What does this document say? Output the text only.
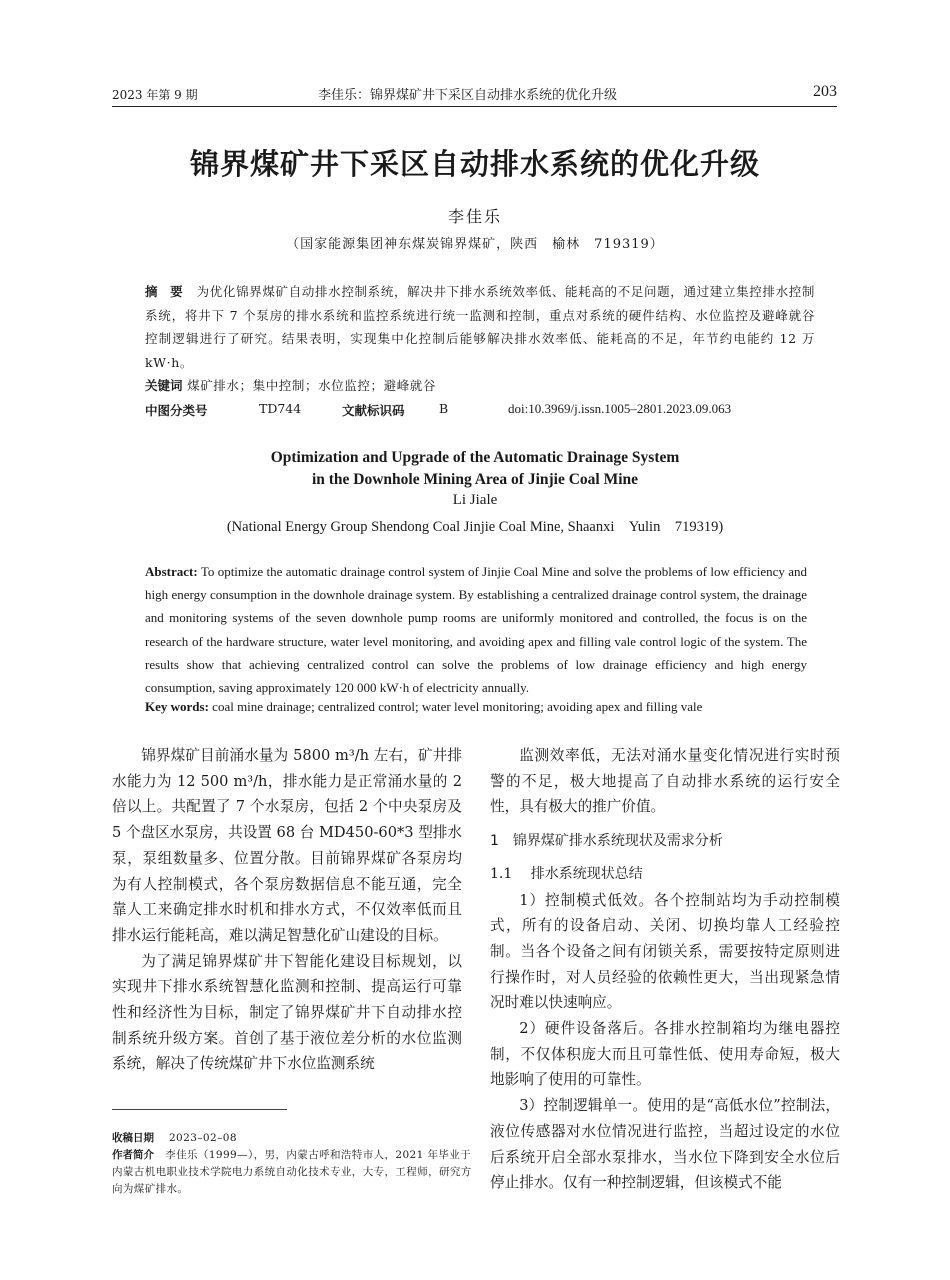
2023 年第 9 期	李佳乐：锦界煤矿井下采区自动排水系统的优化升级	203
锦界煤矿井下采区自动排水系统的优化升级
李佳乐
（国家能源集团神东煤炭锦界煤矿，陕西　榆林　719319）
摘　要 为优化锦界煤矿自动排水控制系统，解决井下排水系统效率低、能耗高的不足问题，通过建立集控排水控制系统，将井下 7 个泵房的排水系统和监控系统进行统一监测和控制，重点对系统的硬件结构、水位监控及避峰就谷控制逻辑进行了研究。结果表明，实现集中化控制后能够解决排水效率低、能耗高的不足，年节约电能约 12 万 kW·h。
关键词 煤矿排水；集中控制；水位监控；避峰就谷
中图分类号	TD744	文献标识码	B	doi:10.3969/j.issn.1005–2801.2023.09.063
Optimization and Upgrade of the Automatic Drainage System
in the Downhole Mining Area of Jinjie Coal Mine
Li Jiale
(National Energy Group Shendong Coal Jinjie Coal Mine, Shaanxi　Yulin　719319)
Abstract: To optimize the automatic drainage control system of Jinjie Coal Mine and solve the problems of low efficiency and high energy consumption in the downhole drainage system. By establishing a centralized drainage control system, the drainage and monitoring systems of the seven downhole pump rooms are uniformly monitored and controlled, the focus is on the research of the hardware structure, water level monitoring, and avoiding apex and filling vale control logic of the system. The results show that achieving centralized control can solve the problems of low drainage efficiency and high energy consumption, saving approximately 120 000 kW·h of electricity annually.
Key words: coal mine drainage; centralized control; water level monitoring; avoiding apex and filling vale

锦界煤矿目前涌水量为 5800 m³/h 左右，矿井排水能力为 12 500 m³/h，排水能力是正常涌水量的 2 倍以上。共配置了 7 个水泵房，包括 2 个中央泵房及 5 个盘区水泵房，共设置 68 台 MD450-60*3 型排水泵，泵组数量多、位置分散。目前锦界煤矿各泵房均为有人控制模式，各个泵房数据信息不能互通，完全靠人工来确定排水时机和排水方式，不仅效率低而且排水运行能耗高，难以满足智慧化矿山建设的目标。

为了满足锦界煤矿井下智能化建设目标规划，以实现井下排水系统智慧化监测和控制、提高运行可靠性和经济性为目标，制定了锦界煤矿井下自动排水控制系统升级方案。首创了基于液位差分析的水位监测系统，解决了传统煤矿井下水位监测系统

监测效率低，无法对涌水量变化情况进行实时预警的不足，极大地提高了自动排水系统的运行安全性，具有极大的推广价值。

1　锦界煤矿排水系统现状及需求分析
1.1　 排水系统现状总结

1）控制模式低效。各个控制站均为手动控制模式，所有的设备启动、关闭、切换均靠人工经验控制。当各个设备之间有闭锁关系，需要按特定原则进行操作时，对人员经验的依赖性更大，当出现紧急情况时难以快速响应。

2）硬件设备落后。各排水控制箱均为继电器控制，不仅体积庞大而且可靠性低、使用寿命短，极大地影响了使用的可靠性。

3）控制逻辑单一。使用的是“高低水位”控制法，液位传感器对水位情况进行监控，当超过设定的水位后系统开启全部水泵排水，当水位下降到安全水位后停止排水。仅有一种控制逻辑，但该模式不能

收稿日期 2023–02–08
作者简介 李佳乐（1999—），男，内蒙古呼和浩特市人，2021 年毕业于内蒙古机电职业技术学院电力系统自动化技术专业，大专，工程师，研究方向为煤矿排水。
